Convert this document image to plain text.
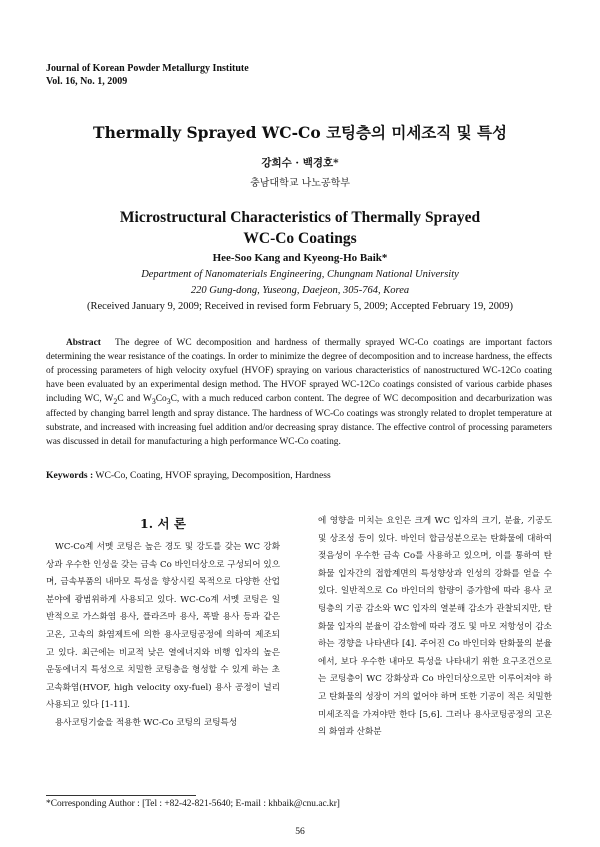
Journal of Korean Powder Metallurgy Institute
Vol. 16, No. 1, 2009
Thermally Sprayed WC-Co 코팅층의 미세조직 및 특성
강희수 · 백경호*
충남대학교 나노공학부
Microstructural Characteristics of Thermally Sprayed
WC-Co Coatings
Hee-Soo Kang and Kyeong-Ho Baik*
Department of Nanomaterials Engineering, Chungnam National University
220 Gung-dong, Yuseong, Daejeon, 305-764, Korea
(Received January 9, 2009; Received in revised form February 5, 2009; Accepted February 19, 2009)
Abstract The degree of WC decomposition and hardness of thermally sprayed WC-Co coatings are important factors determining the wear resistance of the coatings. In order to minimize the degree of decomposition and to increase hardness, the effects of processing parameters of high velocity oxyfuel (HVOF) spraying on various characteristics of nanostructured WC-12Co coating have been evaluated by an experimental design method. The HVOF sprayed WC-12Co coatings consisted of various carbide phases including WC, $W_2C$ and $W_3Co_3C$, with a much reduced carbon content. The degree of WC decomposition and decarburization was affected by changing barrel length and spray distance. The hardness of WC-Co coatings was strongly related to droplet temperature at substrate, and increased with increasing fuel addition and/or decreasing spray distance. The effective control of processing parameters was discussed in detail for manufacturing a high performance WC-Co coating.
Keywords : WC-Co, Coating, HVOF spraying, Decomposition, Hardness
1. 서 론

WC-Co계 서멧 코팅은 높은 경도 및 강도를 갖는 WC 강화상과 우수한 인성을 갖는 금속 Co 바인더상으로 구성되어 있으며, 금속부품의 내마모 특성을 향상시킬 목적으로 다양한 산업분야에 광범위하게 사용되고 있다. WC-Co계 서멧 코팅은 일반적으로 가스화염 용사, 플라즈마 용사, 폭발 용사 등과 같은 고온, 고속의 화염제트에 의한 용사코팅공정에 의하여 제조되고 있다. 최근에는 비교적 낮은 열에너지와 비행 입자의 높은 운동에너지 특성으로 치밀한 코팅층을 형성할 수 있게 하는 초고속화염(HVOF, high velocity oxy-fuel) 용사 공정이 널리 사용되고 있다 [1-11].

용사코팅기술을 적용한 WC-Co 코팅의 코팅특성

에 영향을 미치는 요인은 크게 WC 입자의 크기, 분율, 기공도 및 상조성 등이 있다. 바인더 합금성분으로는 탄화물에 대하여 젖음성이 우수한 금속 Co를 사용하고 있으며, 이를 통하여 탄화물 입자간의 접합계면의 특성향상과 인성의 강화를 얻을 수 있다. 일반적으로 Co 바인더의 함량이 증가함에 따라 용사 코팅층의 기공 감소와 WC 입자의 열분해 감소가 관찰되지만, 탄화물 입자의 분율이 감소함에 따라 경도 및 마모 저항성이 감소하는 경향을 나타낸다 [4]. 주어진 Co 바인더와 탄화물의 분율에서, 보다 우수한 내마모 특성을 나타내기 위한 요구조건으로는 코팅층이 WC 강화상과 Co 바인더상으로만 이루어져야 하고 탄화물의 성장이 거의 없어야 하며 또한 기공이 적은 치밀한 미세조직을 가져야만 한다 [5,6]. 그러나 용사코팅공정의 고온의 화염과 산화분

*Corresponding Author : [Tel : +82-42-821-5640; E-mail : khbaik@cnu.ac.kr]
56
